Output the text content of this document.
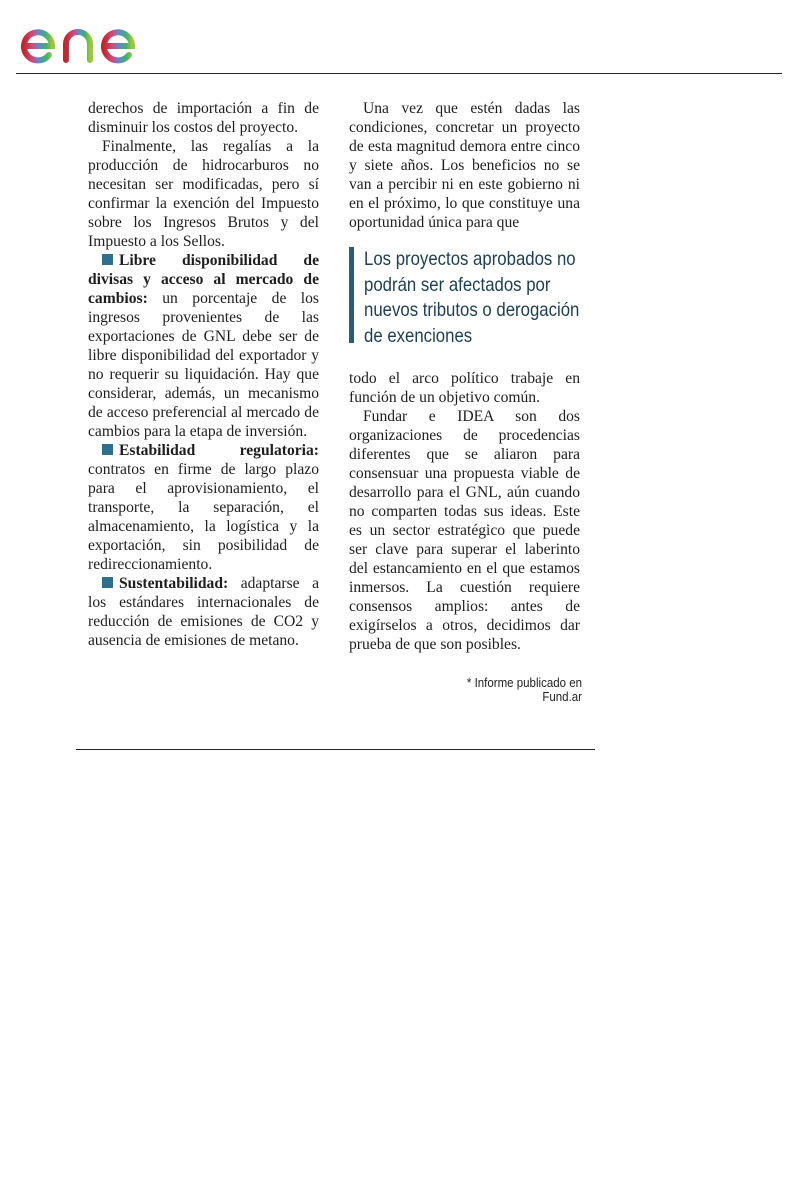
enel

derechos de importación a fin de disminuir los costos del proyecto.

Finalmente, las regalías a la producción de hidrocarburos no necesitan ser modificadas, pero sí confirmar la exención del Impuesto sobre los Ingresos Brutos y del Impuesto a los Sellos.

Libre disponibilidad de divisas y acceso al mercado de cambios: un porcentaje de los ingresos provenientes de las exportaciones de GNL debe ser de libre disponibilidad del exportador y no requerir su liquidación. Hay que considerar, además, un mecanismo de acceso preferencial al mercado de cambios para la etapa de inversión.

Estabilidad regulatoria: contratos en firme de largo plazo para el aprovisionamiento, el transporte, la separación, el almacenamiento, la logística y la exportación, sin posibilidad de redireccionamiento.

Sustentabilidad: adaptarse a los estándares internacionales de reducción de emisiones de CO2 y ausencia de emisiones de metano.

Una vez que estén dadas las condiciones, concretar un proyecto de esta magnitud demora entre cinco y siete años. Los beneficios no se van a percibir ni en este gobierno ni en el próximo, lo que constituye una oportunidad única para que

Los proyectos aprobados no podrán ser afectados por nuevos tributos o derogación de exenciones

todo el arco político trabaje en función de un objetivo común.

Fundar e IDEA son dos organizaciones de procedencias diferentes que se aliaron para consensuar una propuesta viable de desarrollo para el GNL, aún cuando no comparten todas sus ideas. Este es un sector estratégico que puede ser clave para superar el laberinto del estancamiento en el que estamos inmersos. La cuestión requiere consensos amplios: antes de exigírselos a otros, decidimos dar prueba de que son posibles.

* Informe publicado en Fund.ar
